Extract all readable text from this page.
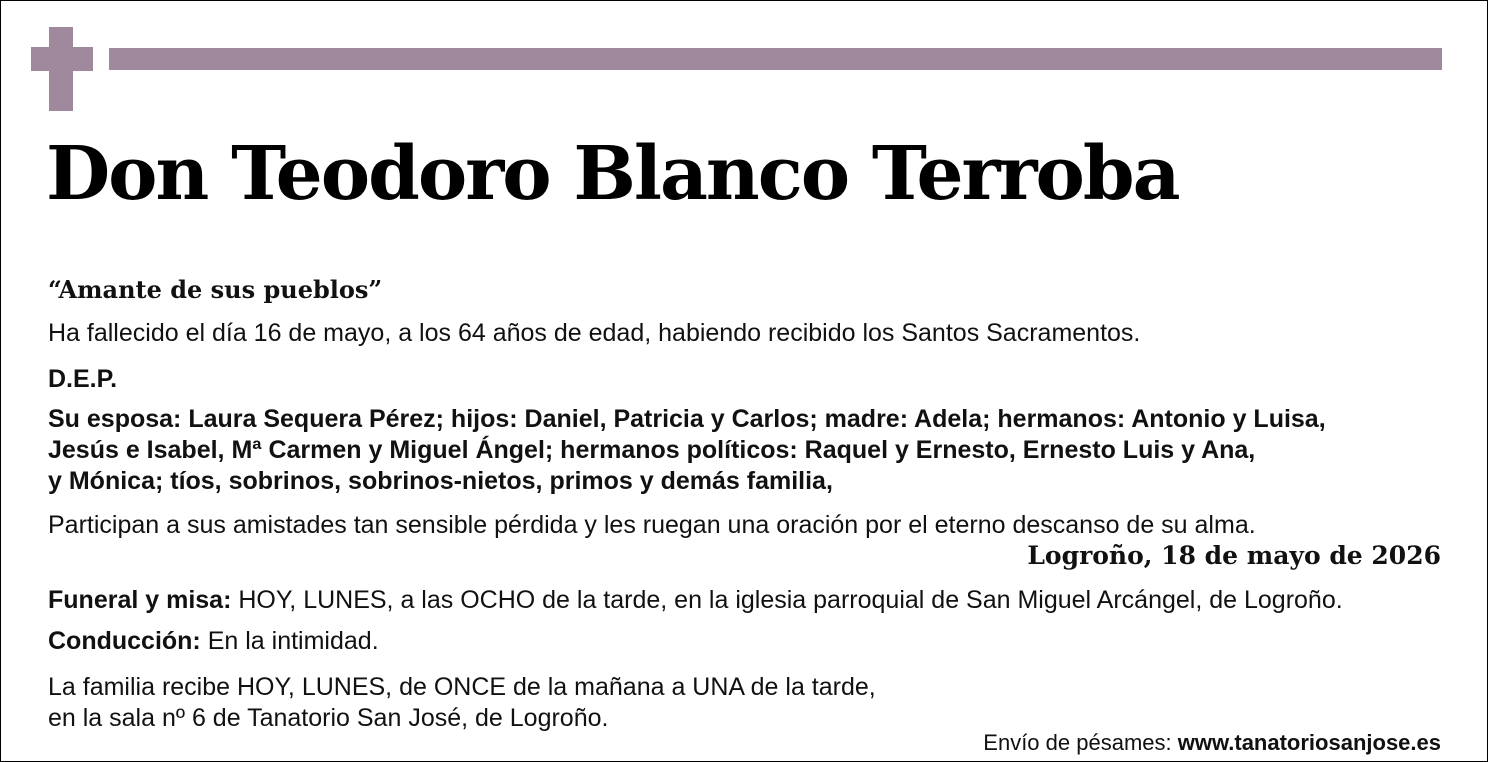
Don Teodoro Blanco Terroba
“Amante de sus pueblos”
Ha fallecido el día 16 de mayo, a los 64 años de edad, habiendo recibido los Santos Sacramentos.
D.E.P.
Su esposa: Laura Sequera Pérez; hijos: Daniel, Patricia y Carlos; madre: Adela; hermanos: Antonio y Luisa,
Jesús e Isabel, Mª Carmen y Miguel Ángel; hermanos políticos: Raquel y Ernesto, Ernesto Luis y Ana,
y Mónica; tíos, sobrinos, sobrinos-nietos, primos y demás familia,
Participan a sus amistades tan sensible pérdida y les ruegan una oración por el eterno descanso de su alma.
Logroño, 18 de mayo de 2026
Funeral y misa: HOY, LUNES, a las OCHO de la tarde, en la iglesia parroquial de San Miguel Arcángel, de Logroño.
Conducción: En la intimidad.
La familia recibe HOY, LUNES, de ONCE de la mañana a UNA de la tarde,
en la sala nº 6 de Tanatorio San José, de Logroño.
Envío de pésames: www.tanatoriosanjose.es
